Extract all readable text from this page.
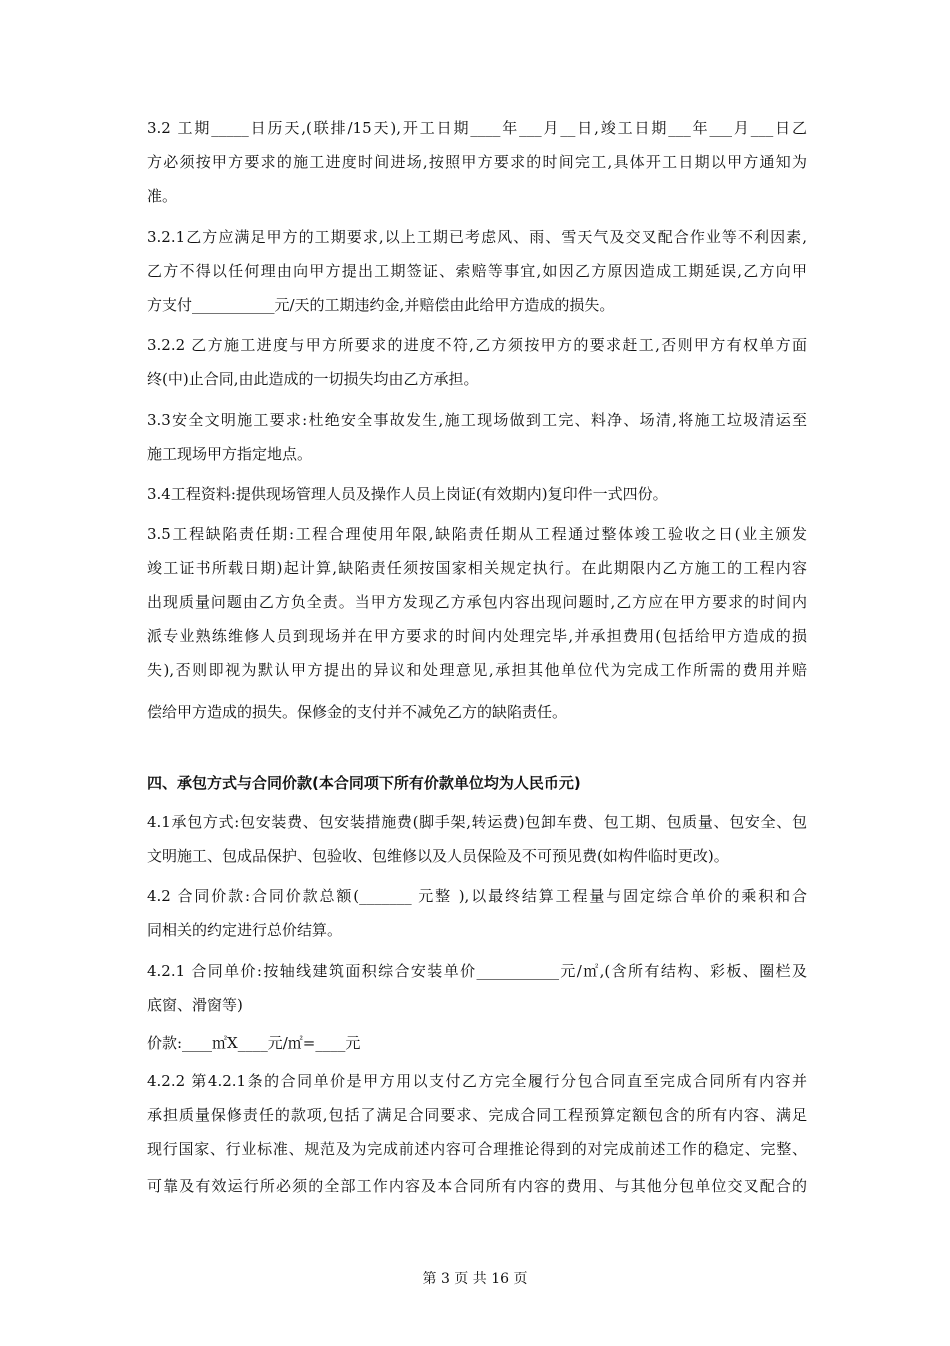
3.2 工期_____日历天,(联排/15天),开工日期____年___月__日,竣工日期___年___月___日乙
方必须按甲方要求的施工进度时间进场,按照甲方要求的时间完工,具体开工日期以甲方通知为
准。
3.2.1乙方应满足甲方的工期要求,以上工期已考虑风、雨、雪天气及交叉配合作业等不利因素,
乙方不得以任何理由向甲方提出工期签证、索赔等事宜,如因乙方原因造成工期延误,乙方向甲
方支付___________元/天的工期违约金,并赔偿由此给甲方造成的损失。
3.2.2 乙方施工进度与甲方所要求的进度不符,乙方须按甲方的要求赶工,否则甲方有权单方面
终(中)止合同,由此造成的一切损失均由乙方承担。
3.3安全文明施工要求:杜绝安全事故发生,施工现场做到工完、料净、场清,将施工垃圾清运至
施工现场甲方指定地点。
3.4工程资料:提供现场管理人员及操作人员上岗证(有效期内)复印件一式四份。
3.5工程缺陷责任期:工程合理使用年限,缺陷责任期从工程通过整体竣工验收之日(业主颁发
竣工证书所载日期)起计算,缺陷责任须按国家相关规定执行。在此期限内乙方施工的工程内容
出现质量问题由乙方负全责。当甲方发现乙方承包内容出现问题时,乙方应在甲方要求的时间内
派专业熟练维修人员到现场并在甲方要求的时间内处理完毕,并承担费用(包括给甲方造成的损
失),否则即视为默认甲方提出的异议和处理意见,承担其他单位代为完成工作所需的费用并赔
偿给甲方造成的损失。保修金的支付并不减免乙方的缺陷责任。
四、承包方式与合同价款(本合同项下所有价款单位均为人民币元)
4.1承包方式:包安装费、包安装措施费(脚手架,转运费)包卸车费、包工期、包质量、包安全、包
文明施工、包成品保护、包验收、包维修以及人员保险及不可预见费(如构件临时更改)。
4.2 合同价款:合同价款总额(_______ 元整 ),以最终结算工程量与固定综合单价的乘积和合
同相关的约定进行总价结算。
4.2.1 合同单价:按轴线建筑面积综合安装单价___________元/㎡,(含所有结构、彩板、圈栏及
底窗、滑窗等)
价款:____㎡X____元/㎡=____元
4.2.2 第4.2.1条的合同单价是甲方用以支付乙方完全履行分包合同直至完成合同所有内容并
承担质量保修责任的款项,包括了满足合同要求、完成合同工程预算定额包含的所有内容、满足
现行国家、行业标准、规范及为完成前述内容可合理推论得到的对完成前述工作的稳定、完整、
可靠及有效运行所必须的全部工作内容及本合同所有内容的费用、与其他分包单位交叉配合的
第 3 页 共 16 页
